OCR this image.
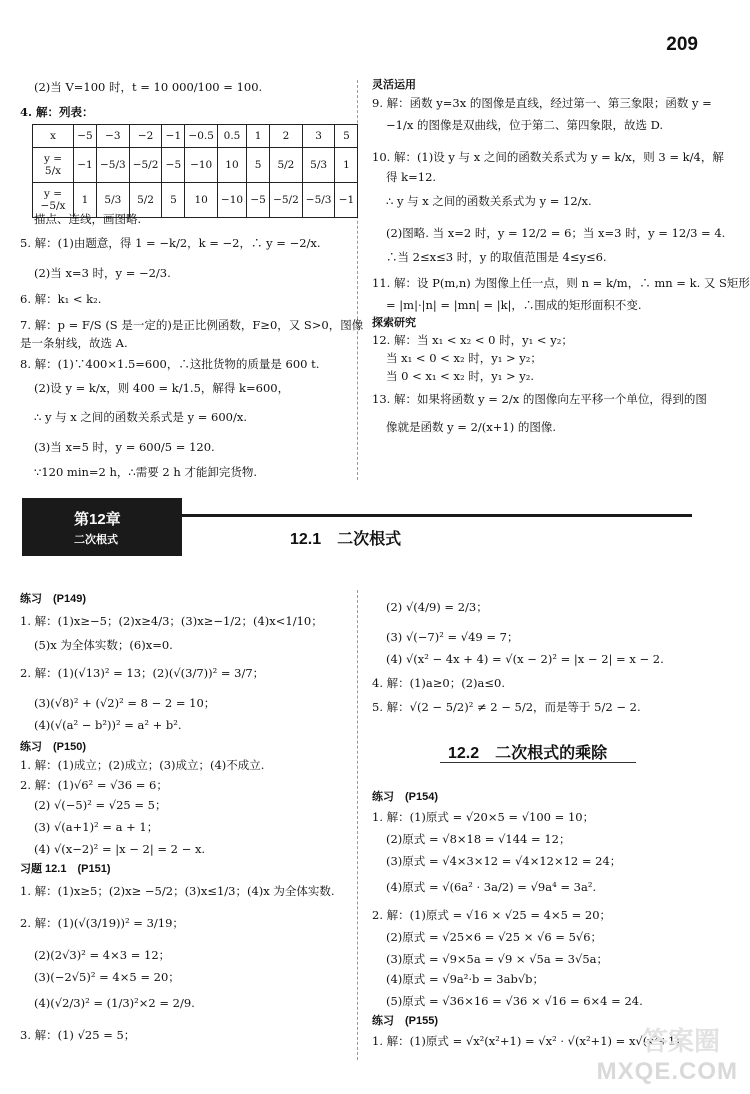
209
(2)当 V=100 时，t = 10 000/100 = 100.
4. 解：列表：
x	−5	−3	−2	−1	−0.5	0.5	1	2	3	5
y = 5/x	−1	−5/3	−5/2	−5	−10	10	5	5/2	5/3	1
y = −5/x	1	5/3	5/2	5	10	−10	−5	−5/2	−5/3	−1
描点、连线，画图略.
5. 解：(1)由题意，得 1 = −k/2，k = −2，∴ y = −2/x.
(2)当 x=3 时，y = −2/3.
6. 解：k₁ < k₂.
7. 解：p = F/S (S 是一定的)是正比例函数，F≥0，又 S>0，图像
是一条射线，故选 A.
8. 解：(1)∵400×1.5=600，∴这批货物的质量是 600 t.
(2)设 y = k/x，则 400 = k/1.5，解得 k=600，
∴ y 与 x 之间的函数关系式是 y = 600/x.
(3)当 x=5 时，y = 600/5 = 120.
∵120 min=2 h，∴需要 2 h 才能卸完货物.
灵活运用
9. 解：函数 y=3x 的图像是直线，经过第一、第三象限；函数 y =
−1/x 的图像是双曲线，位于第二、第四象限，故选 D.
10. 解：(1)设 y 与 x 之间的函数关系式为 y = k/x，则 3 = k/4，解
得 k=12.
∴ y 与 x 之间的函数关系式为 y = 12/x.
(2)图略. 当 x=2 时，y = 12/2 = 6；当 x=3 时，y = 12/3 = 4.
∴当 2≤x≤3 时，y 的取值范围是 4≤y≤6.
11. 解：设 P(m,n) 为图像上任一点，则 n = k/m，∴ mn = k. 又 S矩形
= |m|·|n| = |mn| = |k|，∴围成的矩形面积不变.
探索研究
12. 解：当 x₁ < x₂ < 0 时，y₁ < y₂；
当 x₁ < 0 < x₂ 时，y₁ > y₂；
当 0 < x₁ < x₂ 时，y₁ > y₂.
13. 解：如果将函数 y = 2/x 的图像向左平移一个单位，得到的图
像就是函数 y = 2/(x+1) 的图像.
第12章
二次根式	12.1　二次根式
练习　(P149)
1. 解：(1)x≥−5；(2)x≥4/3；(3)x≥−1/2；(4)x<1/10；
(5)x 为全体实数；(6)x=0.
2. 解：(1)(√13)² = 13；(2)(√(3/7))² = 3/7；
(3)(√8)² + (√2)² = 8 − 2 = 10；
(4)(√(a² − b²))² = a² + b².
练习　(P150)
1. 解：(1)成立；(2)成立；(3)成立；(4)不成立.
2. 解：(1)√6² = √36 = 6；
(2) √(−5)² = √25 = 5；
(3) √(a+1)² = a + 1；
(4) √(x−2)² = |x − 2| = 2 − x.
习题 12.1　(P151)
1. 解：(1)x≥5；(2)x≥ −5/2；(3)x≤1/3；(4)x 为全体实数.
2. 解：(1)(√(3/19))² = 3/19；
(2)(2√3)² = 4×3 = 12；
(3)(−2√5)² = 4×5 = 20；
(4)(√2/3)² = (1/3)²×2 = 2/9.
3. 解：(1) √25 = 5；
(2) √(4/9) = 2/3；
(3) √(−7)² = √49 = 7；
(4) √(x² − 4x + 4) = √(x − 2)² = |x − 2| = x − 2.
4. 解：(1)a≥0；(2)a≤0.
5. 解：√(2 − 5/2)² ≠ 2 − 5/2，而是等于 5/2 − 2.
12.2　二次根式的乘除
练习　(P154)
1. 解：(1)原式 = √20×5 = √100 = 10；
(2)原式 = √8×18 = √144 = 12；
(3)原式 = √4×3×12 = √4×12×12 = 24；
(4)原式 = √(6a² · 3a/2) = √9a⁴ = 3a².
2. 解：(1)原式 = √16 × √25 = 4×5 = 20；
(2)原式 = √25×6 = √25 × √6 = 5√6；
(3)原式 = √9×5a = √9 × √5a = 3√5a；
(4)原式 = √9a²·b = 3ab√b；
(5)原式 = √36×16 = √36 × √16 = 6×4 = 24.
练习　(P155)
1. 解：(1)原式 = √x²(x²+1) = √x² · √(x²+1) = x√(x²+1)
答案圈
MXQE.COM
